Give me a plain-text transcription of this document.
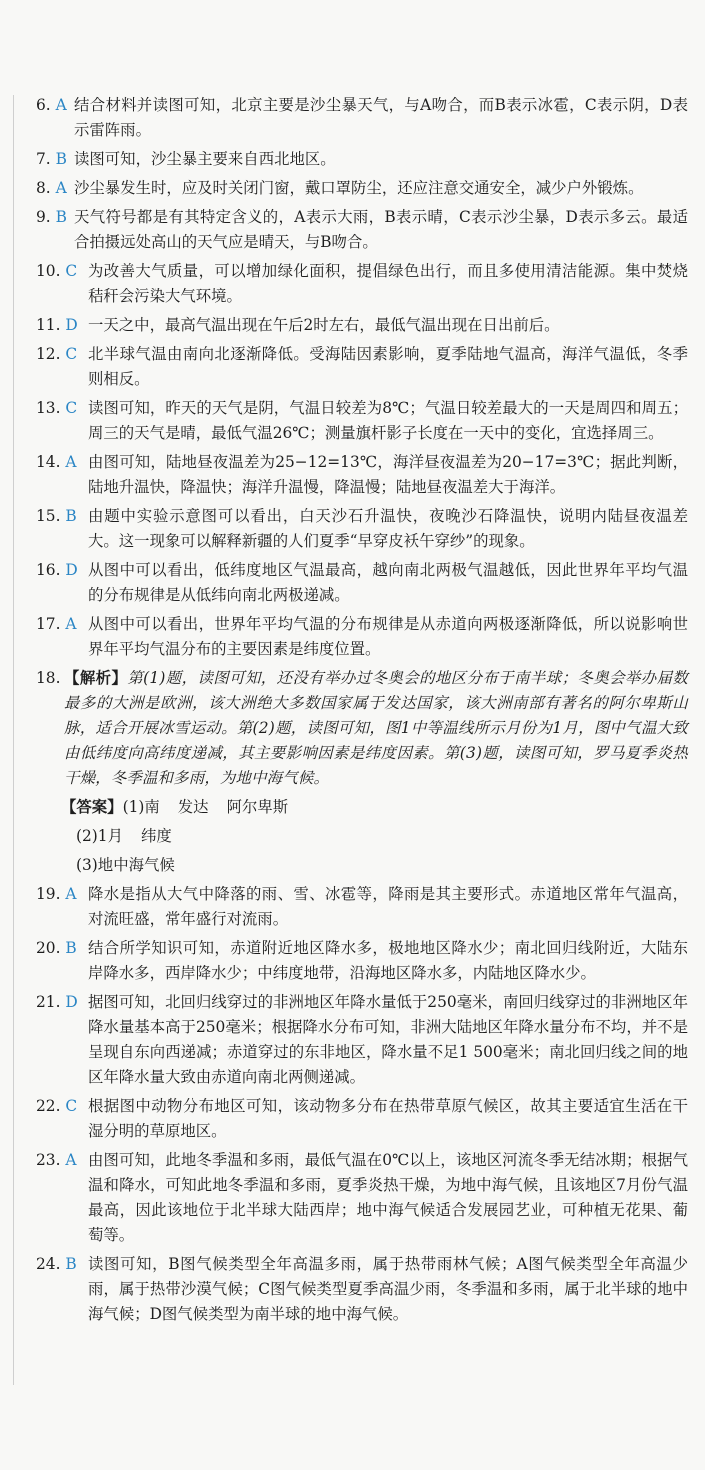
6. A 结合材料并读图可知，北京主要是沙尘暴天气，与A吻合，而B表示冰雹，C表示阴，D表示雷阵雨。
7. B 读图可知，沙尘暴主要来自西北地区。
8. A 沙尘暴发生时，应及时关闭门窗，戴口罩防尘，还应注意交通安全，减少户外锻炼。
9. B 天气符号都是有其特定含义的，A表示大雨，B表示晴，C表示沙尘暴，D表示多云。最适合拍摄远处高山的天气应是晴天，与B吻合。
10. C 为改善大气质量，可以增加绿化面积，提倡绿色出行，而且多使用清洁能源。集中焚烧秸秆会污染大气环境。
11. D 一天之中，最高气温出现在午后2时左右，最低气温出现在日出前后。
12. C 北半球气温由南向北逐渐降低。受海陆因素影响，夏季陆地气温高，海洋气温低，冬季则相反。
13. C 读图可知，昨天的天气是阴，气温日较差为8℃；气温日较差最大的一天是周四和周五；周三的天气是晴，最低气温26℃；测量旗杆影子长度在一天中的变化，宜选择周三。
14. A 由图可知，陆地昼夜温差为25−12=13℃，海洋昼夜温差为20−17=3℃；据此判断，陆地升温快，降温快；海洋升温慢，降温慢；陆地昼夜温差大于海洋。
15. B 由题中实验示意图可以看出，白天沙石升温快，夜晚沙石降温快，说明内陆昼夜温差大。这一现象可以解释新疆的人们夏季“早穿皮袄午穿纱”的现象。
16. D 从图中可以看出，低纬度地区气温最高，越向南北两极气温越低，因此世界年平均气温的分布规律是从低纬向南北两极递减。
17. A 从图中可以看出，世界年平均气温的分布规律是从赤道向两极逐渐降低，所以说影响世界年平均气温分布的主要因素是纬度位置。
18. 【解析】第(1)题，读图可知，还没有举办过冬奥会的地区分布于南半球；冬奥会举办届数最多的大洲是欧洲，该大洲绝大多数国家属于发达国家，该大洲南部有著名的阿尔卑斯山脉，适合开展冰雪运动。第(2)题，读图可知，图1中等温线所示月份为1月，图中气温大致由低纬度向高纬度递减，其主要影响因素是纬度因素。第(3)题，读图可知，罗马夏季炎热干燥，冬季温和多雨，为地中海气候。
【答案】(1)南 发达 阿尔卑斯
(2)1月 纬度
(3)地中海气候
19. A 降水是指从大气中降落的雨、雪、冰雹等，降雨是其主要形式。赤道地区常年气温高，对流旺盛，常年盛行对流雨。
20. B 结合所学知识可知，赤道附近地区降水多，极地地区降水少；南北回归线附近，大陆东岸降水多，西岸降水少；中纬度地带，沿海地区降水多，内陆地区降水少。
21. D 据图可知，北回归线穿过的非洲地区年降水量低于250毫米，南回归线穿过的非洲地区年降水量基本高于250毫米；根据降水分布可知，非洲大陆地区年降水量分布不均，并不是呈现自东向西递减；赤道穿过的东非地区，降水量不足1 500毫米；南北回归线之间的地区年降水量大致由赤道向南北两侧递减。
22. C 根据图中动物分布地区可知，该动物多分布在热带草原气候区，故其主要适宜生活在干湿分明的草原地区。
23. A 由图可知，此地冬季温和多雨，最低气温在0℃以上，该地区河流冬季无结冰期；根据气温和降水，可知此地冬季温和多雨，夏季炎热干燥，为地中海气候，且该地区7月份气温最高，因此该地位于北半球大陆西岸；地中海气候适合发展园艺业，可种植无花果、葡萄等。
24. B 读图可知，B图气候类型全年高温多雨，属于热带雨林气候；A图气候类型全年高温少雨，属于热带沙漠气候；C图气候类型夏季高温少雨，冬季温和多雨，属于北半球的地中海气候；D图气候类型为南半球的地中海气候。
